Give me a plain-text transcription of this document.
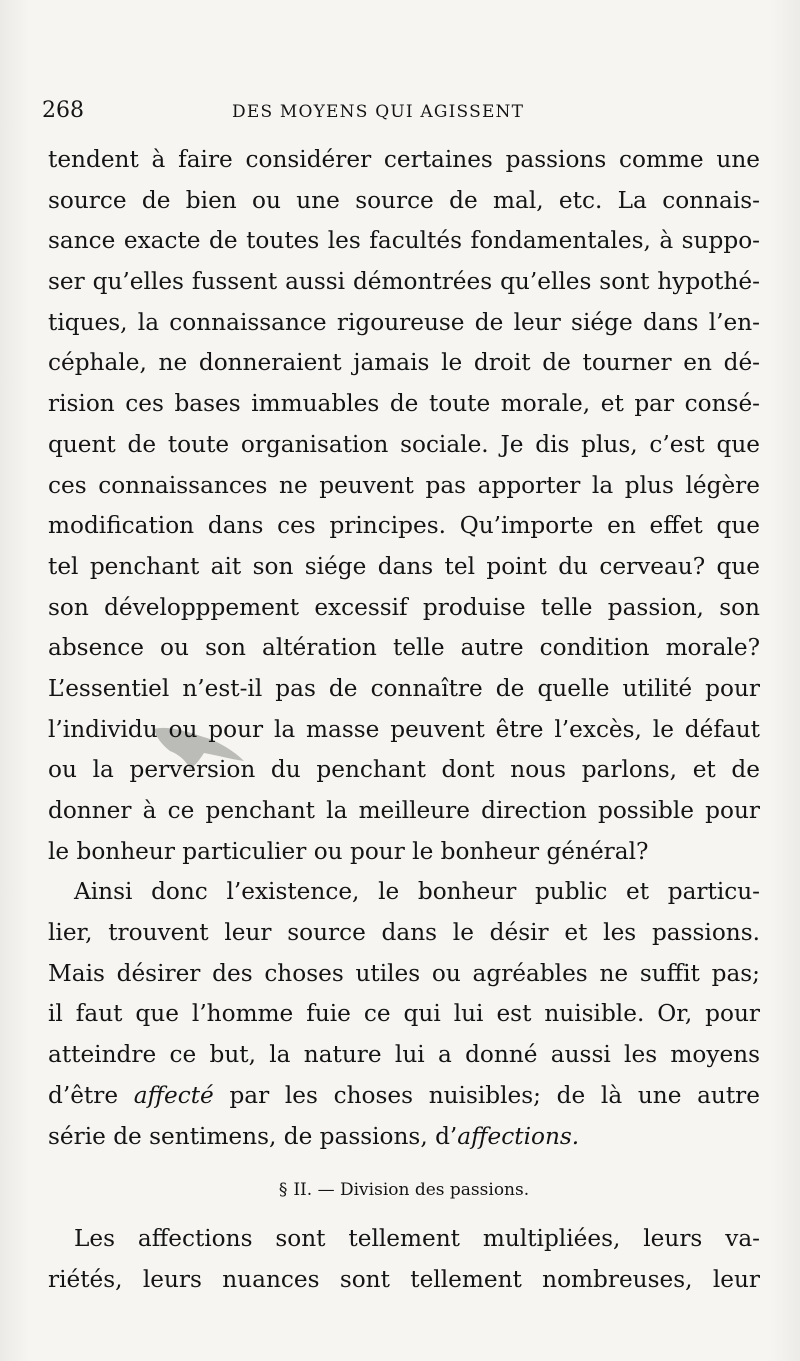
268	DES MOYENS QUI AGISSENT
tendent à faire considérer certaines passions comme une
source de bien ou une source de mal, etc. La connais-
sance exacte de toutes les facultés fondamentales, à suppo-
ser qu’elles fussent aussi démontrées qu’elles sont hypothé-
tiques, la connaissance rigoureuse de leur siége dans l’en-
céphale, ne donneraient jamais le droit de tourner en dé-
rision ces bases immuables de toute morale, et par consé-
quent de toute organisation sociale. Je dis plus, c’est que
ces connaissances ne peuvent pas apporter la plus légère
modification dans ces principes. Qu’importe en effet que
tel penchant ait son siége dans tel point du cerveau? que
son développpement excessif produise telle passion, son
absence ou son altération telle autre condition morale?
L’essentiel n’est-il pas de connaître de quelle utilité pour
l’individu ou pour la masse peuvent être l’excès, le défaut
ou la perversion du penchant dont nous parlons, et de
donner à ce penchant la meilleure direction possible pour
le bonheur particulier ou pour le bonheur général?
Ainsi donc l’existence, le bonheur public et particu-
lier, trouvent leur source dans le désir et les passions.
Mais désirer des choses utiles ou agréables ne suffit pas;
il faut que l’homme fuie ce qui lui est nuisible. Or, pour
atteindre ce but, la nature lui a donné aussi les moyens
d’être affecté par les choses nuisibles; de là une autre
série de sentimens, de passions, d’affections.
§ II. — Division des passions.
Les affections sont tellement multipliées, leurs va-
riétés, leurs nuances sont tellement nombreuses, leur
